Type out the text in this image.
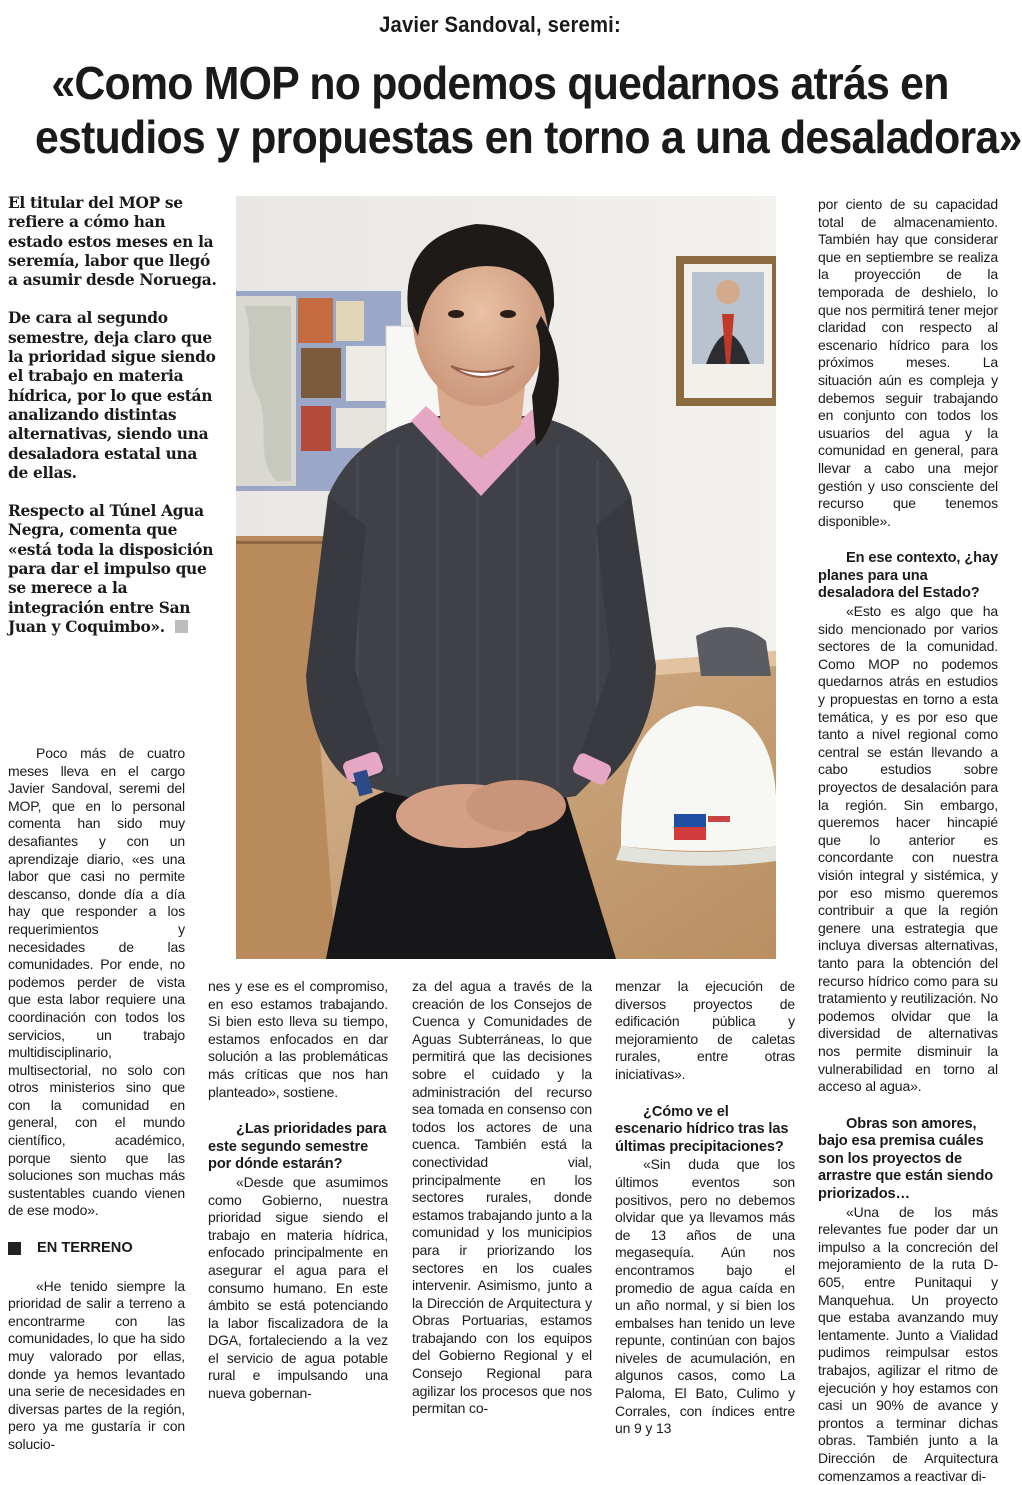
Javier Sandoval, seremi:
«Como MOP no podemos quedarnos atrás en
estudios y propuestas en torno a una desaladora»

El titular del MOP se refiere a cómo han estado estos meses en la seremía, labor que llegó a asumir desde Noruega.

De cara al segundo semestre, deja claro que la prioridad sigue siendo el trabajo en materia hídrica, por lo que están analizando distintas alternativas, siendo una desaladora estatal una de ellas.

Respecto al Túnel Agua Negra, comenta que «está toda la disposición para dar el impulso que se merece a la integración entre San Juan y Coquimbo».

Poco más de cuatro meses lleva en el cargo Javier Sandoval, seremi del MOP, que en lo personal comenta han sido muy desafiantes y con un aprendizaje diario, «es una labor que casi no permite descanso, donde día a día hay que responder a los requerimientos y necesidades de las comunidades. Por ende, no podemos perder de vista que esta labor requiere una coordinación con todos los servicios, un trabajo multidisciplinario, multisectorial, no solo con otros ministerios sino que con la comunidad en general, con el mundo científico, académico, porque siento que las soluciones son muchas más sustentables cuando vienen de ese modo».

EN TERRENO

«He tenido siempre la prioridad de salir a terreno a encontrarme con las comunidades, lo que ha sido muy valorado por ellas, donde ya hemos levantado una serie de necesidades en diversas partes de la región, pero ya me gustaría ir con solucio-

nes y ese es el compromiso, en eso estamos trabajando. Si bien esto lleva su tiempo, estamos enfocados en dar solución a las problemáticas más críticas que nos han planteado», sostiene.

¿Las prioridades para este segundo semestre por dónde estarán?

«Desde que asumimos como Gobierno, nuestra prioridad sigue siendo el trabajo en materia hídrica, enfocado principalmente en asegurar el agua para el consumo humano. En este ámbito se está potenciando la labor fiscalizadora de la DGA, fortaleciendo a la vez el servicio de agua potable rural e impulsando una nueva gobernan-

za del agua a través de la creación de los Consejos de Cuenca y Comunidades de Aguas Subterráneas, lo que permitirá que las decisiones sobre el cuidado y la administración del recurso sea tomada en consenso con todos los actores de una cuenca. También está la conectividad vial, principalmente en los sectores rurales, donde estamos trabajando junto a la comunidad y los municipios para ir priorizando los sectores en los cuales intervenir. Asimismo, junto a la Dirección de Arquitectura y Obras Portuarias, estamos trabajando con los equipos del Gobierno Regional y el Consejo Regional para agilizar los procesos que nos permitan co-

menzar la ejecución de diversos proyectos de edificación pública y mejoramiento de caletas rurales, entre otras iniciativas».

¿Cómo ve el escenario hídrico tras las últimas precipitaciones?

«Sin duda que los últimos eventos son positivos, pero no debemos olvidar que ya llevamos más de 13 años de una megasequía. Aún nos encontramos bajo el promedio de agua caída en un año normal, y si bien los embalses han tenido un leve repunte, continúan con bajos niveles de acumulación, en algunos casos, como La Paloma, El Bato, Culimo y Corrales, con índices entre un 9 y 13

por ciento de su capacidad total de almacenamiento. También hay que considerar que en septiembre se realiza la proyección de la temporada de deshielo, lo que nos permitirá tener mejor claridad con respecto al escenario hídrico para los próximos meses. La situación aún es compleja y debemos seguir trabajando en conjunto con todos los usuarios del agua y la comunidad en general, para llevar a cabo una mejor gestión y uso consciente del recurso que tenemos disponible».

En ese contexto, ¿hay planes para una desaladora del Estado?

«Esto es algo que ha sido mencionado por varios sectores de la comunidad. Como MOP no podemos quedarnos atrás en estudios y propuestas en torno a esta temática, y es por eso que tanto a nivel regional como central se están llevando a cabo estudios sobre proyectos de desalación para la región. Sin embargo, queremos hacer hincapié que lo anterior es concordante con nuestra visión integral y sistémica, y por eso mismo queremos contribuir a que la región genere una estrategia que incluya diversas alternativas, tanto para la obtención del recurso hídrico como para su tratamiento y reutilización. No podemos olvidar que la diversidad de alternativas nos permite disminuir la vulnerabilidad en torno al acceso al agua».

Obras son amores, bajo esa premisa cuáles son los proyectos de arrastre que están siendo priorizados…

«Una de los más relevantes fue poder dar un impulso a la concreción del mejoramiento de la ruta D-605, entre Punitaqui y Manquehua. Un proyecto que estaba avanzando muy lentamente. Junto a Vialidad pudimos reimpulsar estos trabajos, agilizar el ritmo de ejecución y hoy estamos con casi un 90% de avance y prontos a terminar dichas obras. También junto a la Dirección de Arquitectura comenzamos a reactivar di-
